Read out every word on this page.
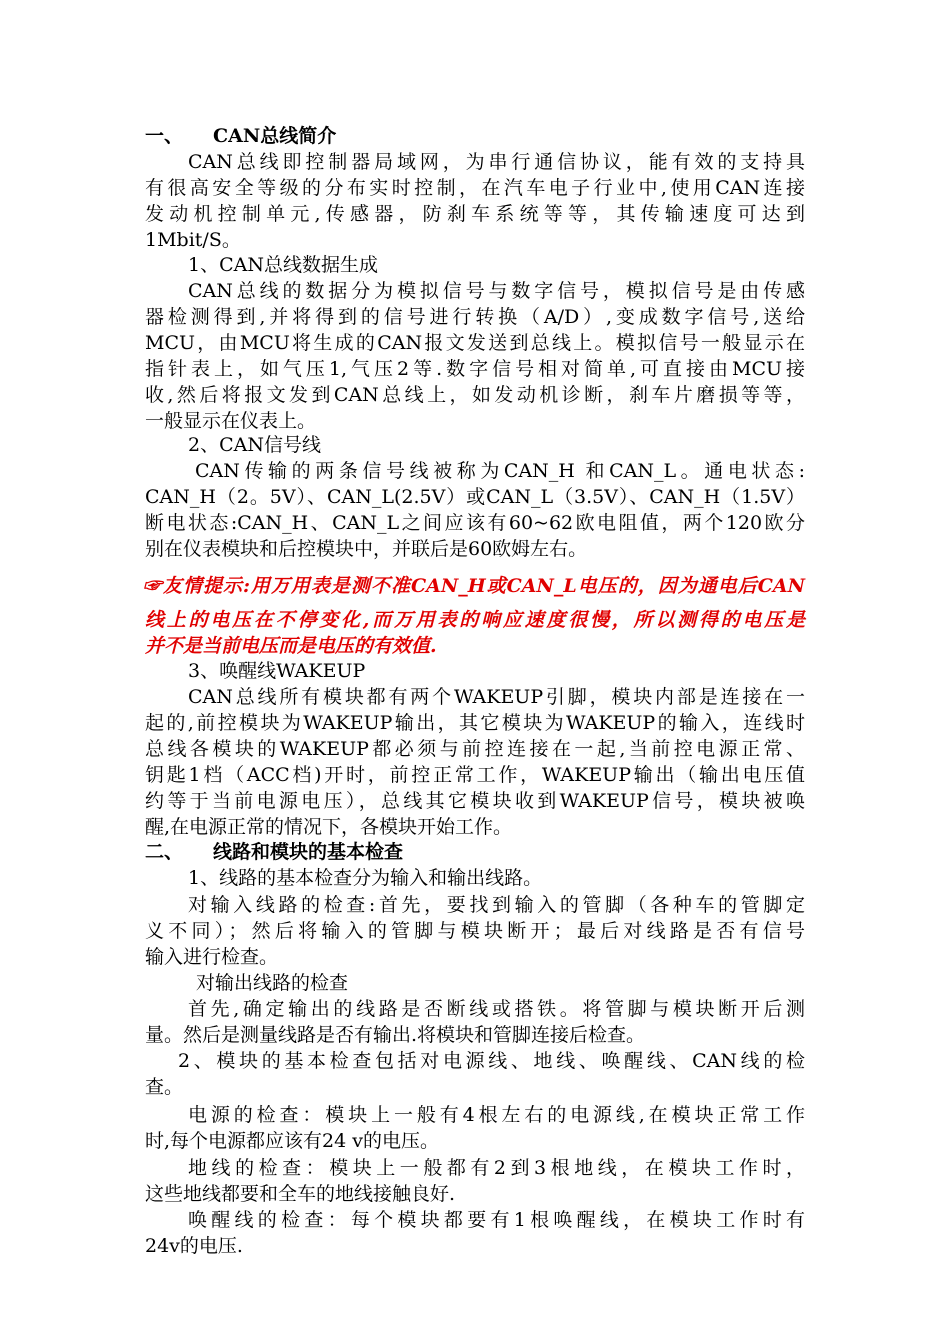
一、 CAN总线简介
CAN总线即控制器局域网，为串行通信协议，能有效的支持具
有很高安全等级的分布实时控制，在汽车电子行业中,使用CAN连接
发动机控制单元,传感器，防刹车系统等等，其传输速度可达到
1Mbit/S。
1、CAN总线数据生成
CAN总线的数据分为模拟信号与数字信号，模拟信号是由传感
器检测得到,并将得到的信号进行转换（A/D）,变成数字信号,送给
MCU，由MCU将生成的CAN报文发送到总线上。模拟信号一般显示在
指针表上，如气压1,气压2等.数字信号相对简单,可直接由MCU接
收,然后将报文发到CAN总线上，如发动机诊断，刹车片磨损等等，
一般显示在仪表上。
2、CAN信号线
CAN传输的两条信号线被称为CAN_H 和CAN_L。通电状态:
CAN_H（2。5V）、CAN_L(2.5V）或CAN_L（3.5V）、CAN_H（1.5V）
断电状态:CAN_H、CAN_L之间应该有60~62欧电阻值，两个120欧分
别在仪表模块和后控模块中，并联后是60欧姆左右。
☞友情提示:用万用表是测不准CAN_H或CAN_L电压的，因为通电后CAN
线上的电压在不停变化,而万用表的响应速度很慢，所以测得的电压是
并不是当前电压而是电压的有效值.
3、唤醒线WAKEUP
CAN总线所有模块都有两个WAKEUP引脚，模块内部是连接在一
起的,前控模块为WAKEUP输出，其它模块为WAKEUP的输入，连线时
总线各模块的WAKEUP都必须与前控连接在一起,当前控电源正常、
钥匙1档（ACC档)开时，前控正常工作，WAKEUP输出（输出电压值
约等于当前电源电压），总线其它模块收到WAKEUP信号，模块被唤
醒,在电源正常的情况下，各模块开始工作。
二、 线路和模块的基本检查
1、线路的基本检查分为输入和输出线路。
对输入线路的检查:首先，要找到输入的管脚（各种车的管脚定
义不同）；然后将输入的管脚与模块断开；最后对线路是否有信号
输入进行检查。
对输出线路的检查
首先,确定输出的线路是否断线或搭铁。将管脚与模块断开后测
量。然后是测量线路是否有输出.将模块和管脚连接后检查。
2、模块的基本检查包括对电源线、地线、唤醒线、CAN线的检
查。
电源的检查：模块上一般有4根左右的电源线,在模块正常工作
时,每个电源都应该有24 v的电压。
地线的检查：模块上一般都有2到3根地线，在模块工作时，
这些地线都要和全车的地线接触良好.
唤醒线的检查：每个模块都要有1根唤醒线，在模块工作时有
24v的电压.
